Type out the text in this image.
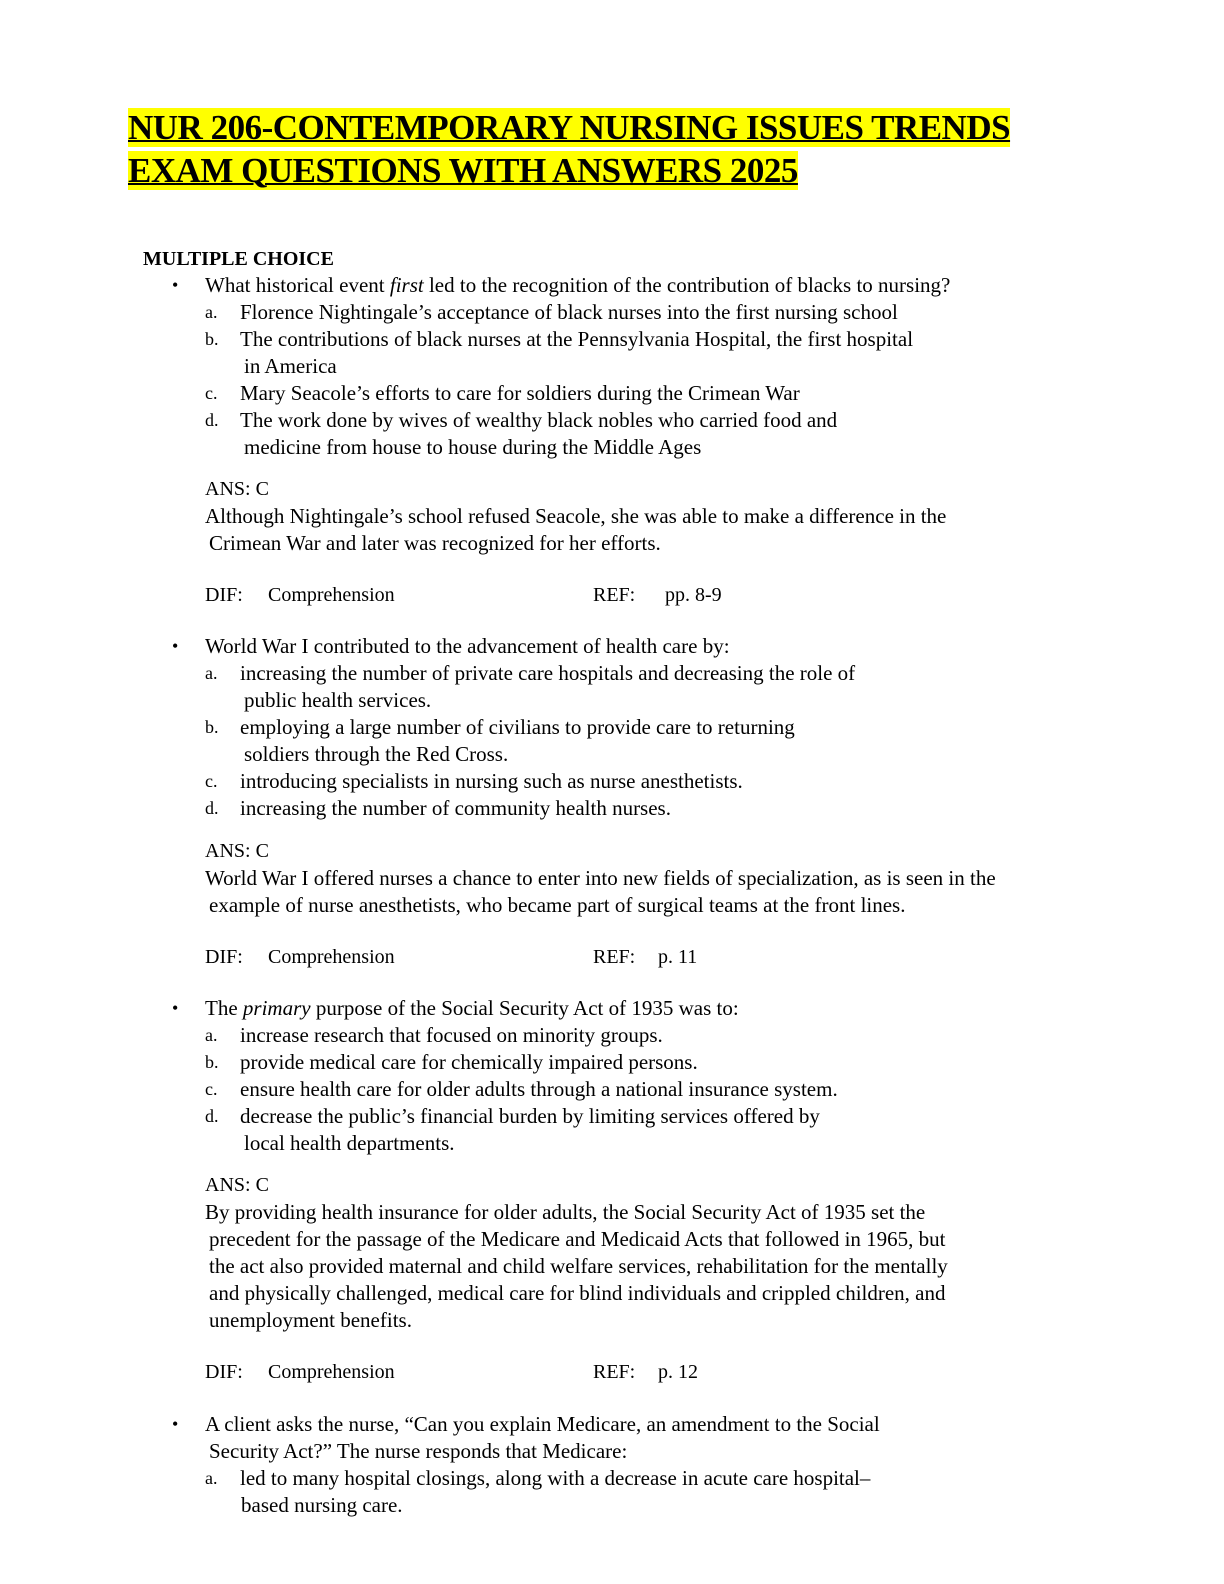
NUR 206-CONTEMPORARY NURSING ISSUES TRENDS
EXAM QUESTIONS WITH ANSWERS 2025
MULTIPLE CHOICE
• What historical event first led to the recognition of the contribution of blacks to nursing?
a. Florence Nightingale’s acceptance of black nurses into the first nursing school
b. The contributions of black nurses at the Pennsylvania Hospital, the first hospital
in America
c. Mary Seacole’s efforts to care for soldiers during the Crimean War
d. The work done by wives of wealthy black nobles who carried food and
medicine from house to house during the Middle Ages
ANS: C
Although Nightingale’s school refused Seacole, she was able to make a difference in the
Crimean War and later was recognized for her efforts.
DIF: Comprehension	REF: pp. 8-9
• World War I contributed to the advancement of health care by:
a. increasing the number of private care hospitals and decreasing the role of
public health services.
b. employing a large number of civilians to provide care to returning
soldiers through the Red Cross.
c. introducing specialists in nursing such as nurse anesthetists.
d. increasing the number of community health nurses.
ANS: C
World War I offered nurses a chance to enter into new fields of specialization, as is seen in the
example of nurse anesthetists, who became part of surgical teams at the front lines.
DIF: Comprehension	REF: p. 11
• The primary purpose of the Social Security Act of 1935 was to:
a. increase research that focused on minority groups.
b. provide medical care for chemically impaired persons.
c. ensure health care for older adults through a national insurance system.
d. decrease the public’s financial burden by limiting services offered by
local health departments.
ANS: C
By providing health insurance for older adults, the Social Security Act of 1935 set the
precedent for the passage of the Medicare and Medicaid Acts that followed in 1965, but
the act also provided maternal and child welfare services, rehabilitation for the mentally
and physically challenged, medical care for blind individuals and crippled children, and
unemployment benefits.
DIF: Comprehension	REF: p. 12
• A client asks the nurse, “Can you explain Medicare, an amendment to the Social
Security Act?” The nurse responds that Medicare:
a. led to many hospital closings, along with a decrease in acute care hospital–
based nursing care.
